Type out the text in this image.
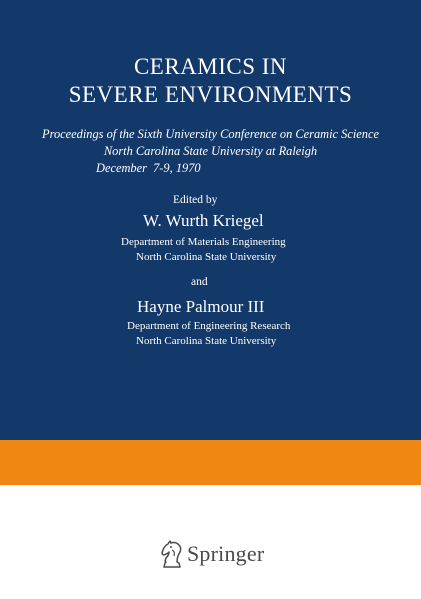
CERAMICS IN
SEVERE ENVIRONMENTS
Proceedings of the Sixth University Conference on Ceramic Science
North Carolina State University at Raleigh
December  7-9, 1970
Edited by
W. Wurth Kriegel
Department of Materials Engineering
North Carolina State University
and
Hayne Palmour III
Department of Engineering Research
North Carolina State University
Springer
